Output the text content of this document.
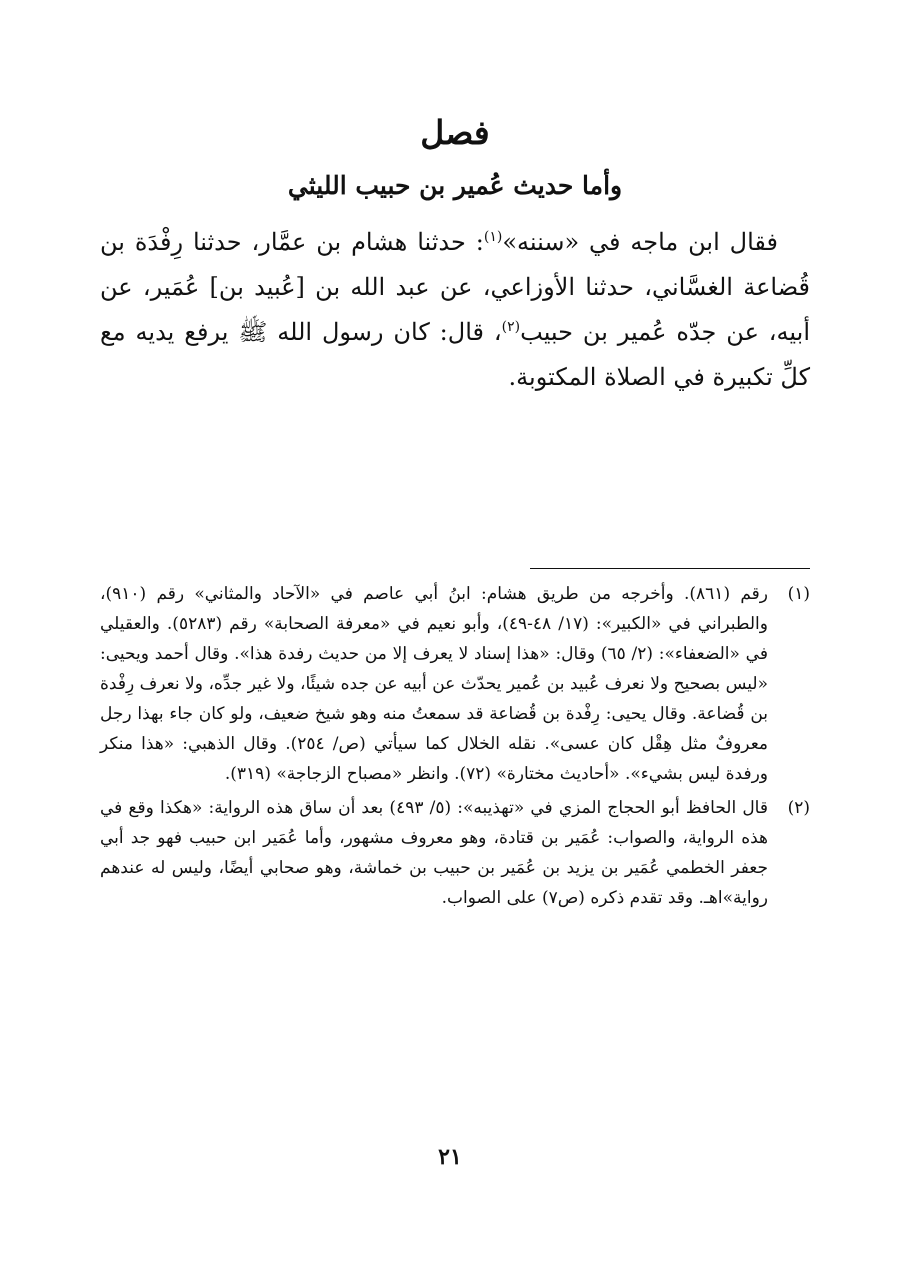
فصل
وأما حديث عُمير بن حبيب الليثي

فقال ابن ماجه في «سننه»$^{(١)}$: حدثنا هشام بن عمَّار، حدثنا رِفْدَة بن قُضاعة الغسَّاني، حدثنا الأوزاعي، عن عبد الله بن [عُبيد بن] عُمَير، عن أبيه، عن جدّه عُمير بن حبيب$^{(٢)}$، قال: كان رسول الله ﷺ يرفع يديه مع كلِّ تكبيرة في الصلاة المكتوبة.

(١)
رقم (٨٦١). وأخرجه من طريق هشام: ابنُ أبي عاصم في «الآحاد والمثاني» رقم (٩١٠)، والطبراني في «الكبير»: (١٧/ ٤٨-٤٩)، وأبو نعيم في «معرفة الصحابة» رقم (٥٢٨٣). والعقيلي في «الضعفاء»: (٢/ ٦٥) وقال: «هذا إسناد لا يعرف إلا من حديث رفدة هذا». وقال أحمد ويحيى: «ليس بصحيح ولا نعرف عُبيد بن عُمير يحدّث عن أبيه عن جده شيئًا، ولا غير جدِّه، ولا نعرف رِفْدة بن قُضاعة. وقال يحيى: رِفْدة بن قُضاعة قد سمعتُ منه وهو شيخ ضعيف، ولو كان جاء بهذا رجل معروفٌ مثل هِقْل كان عسى». نقله الخلال كما سيأتي (ص/ ٢٥٤). وقال الذهبي: «هذا منكر ورفدة ليس بشيء». «أحاديث مختارة» (٧٢). وانظر «مصباح الزجاجة» (٣١٩).
(٢)
قال الحافظ أبو الحجاج المزي في «تهذيبه»: (٥/ ٤٩٣) بعد أن ساق هذه الرواية: «هكذا وقع في هذه الرواية، والصواب: عُمَير بن قتادة، وهو معروف مشهور، وأما عُمَير ابن حبيب فهو جد أبي جعفر الخطمي عُمَير بن يزيد بن عُمَير بن حبيب بن خماشة، وهو صحابي أيضًا، وليس له عندهم رواية»اهـ. وقد تقدم ذكره (ص٧) على الصواب.
٢١
